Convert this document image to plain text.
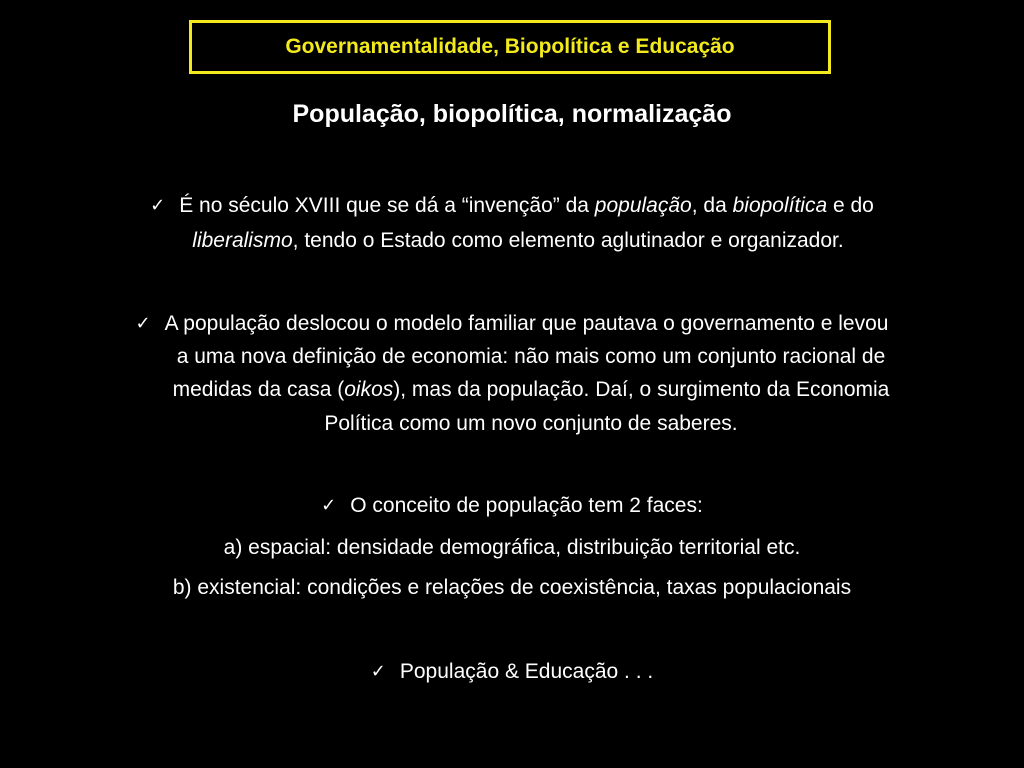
Governamentalidade, Biopolítica e Educação
População, biopolítica, normalização
✓ É no século XVIII que se dá a “invenção” da população, da biopolítica e do
liberalismo, tendo o Estado como elemento aglutinador e organizador.
✓ A população deslocou o modelo familiar que pautava o governamento e levou
a uma nova definição de economia: não mais como um conjunto racional de
medidas da casa (oikos), mas da população. Daí, o surgimento da Economia
Política como um novo conjunto de saberes.
✓ O conceito de população tem 2 faces:
a) espacial: densidade demográfica, distribuição territorial etc.
b) existencial: condições e relações de coexistência, taxas populacionais
✓ População & Educação . . .
